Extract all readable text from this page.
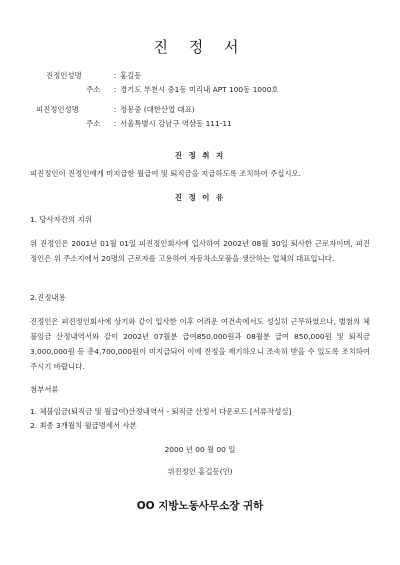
진 정 서
진정인성명	: 홍길동
주소 : 경기도 부천시 중1동 미리내 APT 100동 1000호
피진정인성명	: 정몽중 (대한산업 대표)
주소 : 서울특별시 강남구 역삼동 111-11
진 정 취 지
피진정인이 진정인에게 미지급한 월급여 및 퇴직금을 지급하도록 조치하여 주십시오.
진 정 이 유
1. 당사자간의 지위

위 진정인은 2001년 01월 01일 피진정인회사에 입사하여 2002년 08월 30일 퇴사한 근로자이며, 피진정인은 위 주소지에서 20명의 근로자를 고용하여 자동차소모품을 생산하는 업체의 대표입니다.

2.진정내용

진정인은 피진정인회사에 상기와 같이 입사한 이후 어려운 여건속에서도 성실히 근무하였으나, 별첨의 체불임금 산정내역서와 같이 2002년 07월분 급여850,000원과 08월분 급여 850,000원 및 퇴직금 3,000,000원 등 총4,700,000원이 미지급되어 이에 진정을 제기하오니 조속히 받을 수 있도록 조치하여 주시기 바랍니다.

첨부서류
1. 체불임금(퇴직금 및 월급여)산정내역서 - 퇴직금 산정서 다운로드 [서류작성실]
2. 최종 3개월치 월급명세서 사본
2000 년 00 월 00 일
위진정인 홍길동(인)
OO 지방노동사무소장 귀하
